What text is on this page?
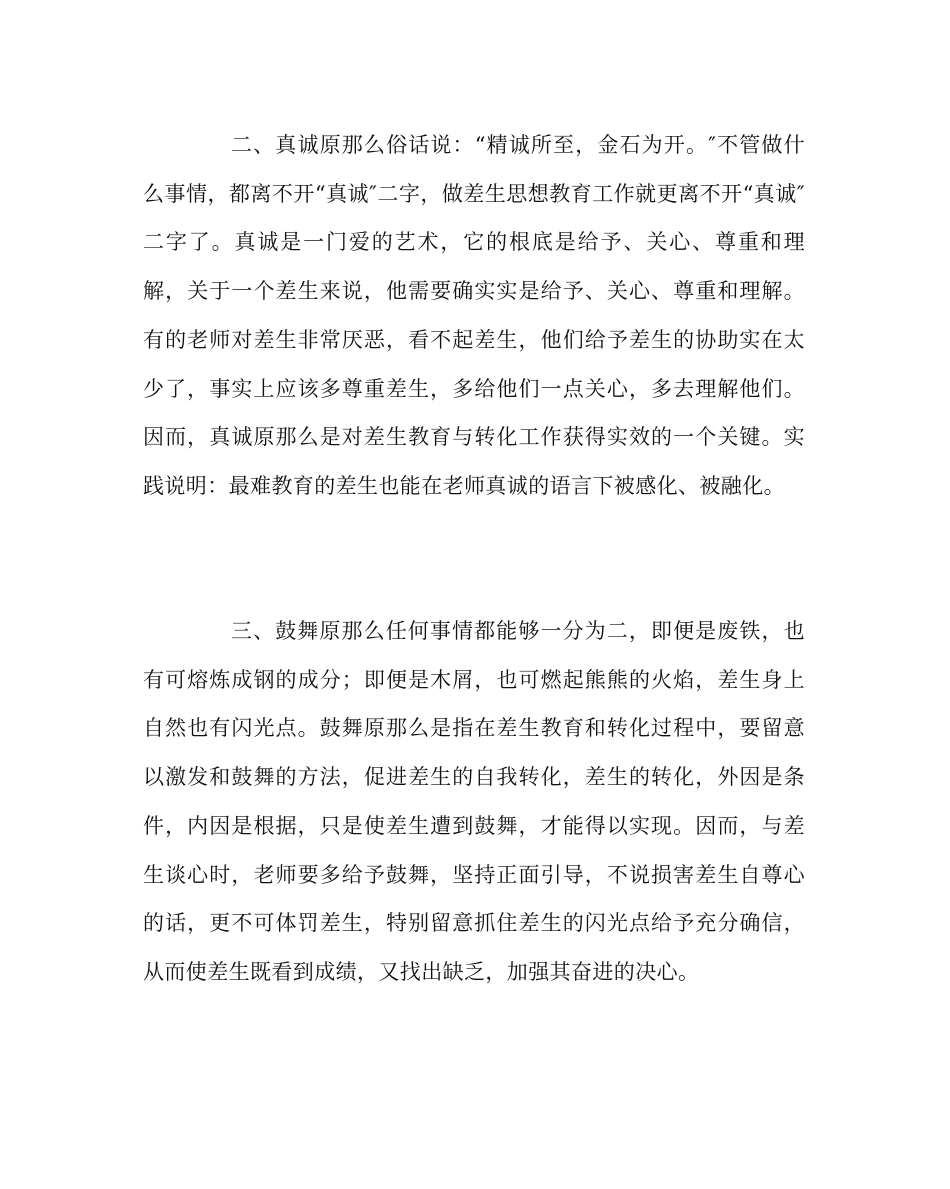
二、真诚原那么俗话说：“精诚所至，金石为开。″不管做什么事情，都离不开“真诚″二字，做差生思想教育工作就更离不开“真诚″二字了。真诚是一门爱的艺术，它的根底是给予、关心、尊重和理解，关于一个差生来说，他需要确实实是给予、关心、尊重和理解。有的老师对差生非常厌恶，看不起差生，他们给予差生的协助实在太少了，事实上应该多尊重差生，多给他们一点关心，多去理解他们。因而，真诚原那么是对差生教育与转化工作获得实效的一个关键。实践说明：最难教育的差生也能在老师真诚的语言下被感化、被融化。

三、鼓舞原那么任何事情都能够一分为二，即便是废铁，也有可熔炼成钢的成分；即便是木屑，也可燃起熊熊的火焰，差生身上自然也有闪光点。鼓舞原那么是指在差生教育和转化过程中，要留意以激发和鼓舞的方法，促进差生的自我转化，差生的转化，外因是条件，内因是根据，只是使差生遭到鼓舞，才能得以实现。因而，与差生谈心时，老师要多给予鼓舞，坚持正面引导，不说损害差生自尊心的话，更不可体罚差生，特别留意抓住差生的闪光点给予充分确信，从而使差生既看到成绩，又找出缺乏，加强其奋进的决心。
